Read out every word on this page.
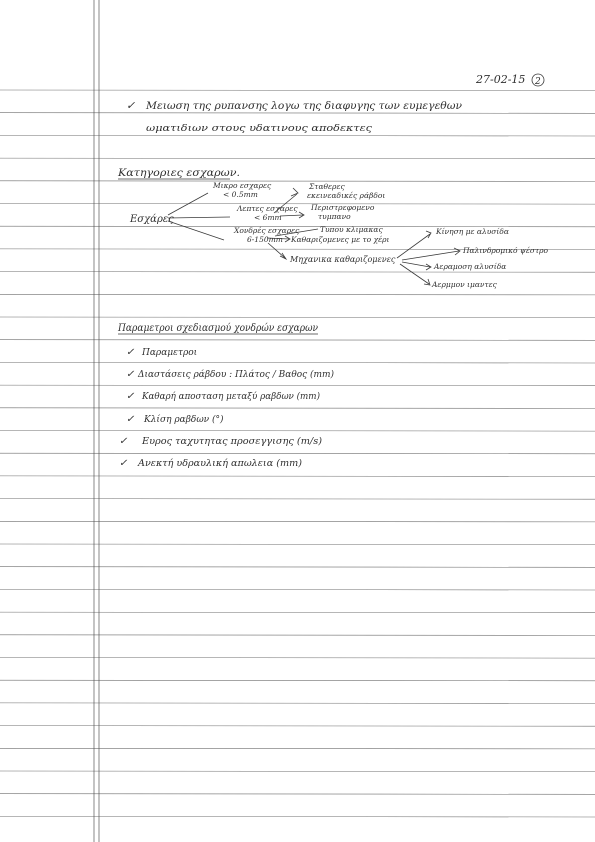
27-02-15 2
✓ Μειωση της ρυπανσης λογω της διαφυγης των ευμεγεθων
ωματιδιων στους υδατινους αποδεκτες
Κατηγοριες εσχαρων.
Εσχάρες
Μικρο εσχαρες
< 0.5mm
Λεπτες εσχαρες
< 6mm
Χονδρές εσχαρες
6-150mm
Σταθερες
εκεινεαδικές ράβδοι
Περιστρεφομενο
τυμπανο
Τυπου κλιμακας
Καθαριζομενες με το χέρι
Μηχανικα καθαριζομενες
Κίνηση με αλυσίδα
Παλινδρομικό ψέστρο
Αεραμοση αλυσίδα
Αερμμον ιμαντες
Παραμετροι σχεδιασμού χονδρών εσχαρων
✓ Παραμετροι
✓ Διαστάσεις ράβδου : Πλάτος / Βαθος (mm)
✓ Καθαρή αποσταση μεταξύ ραβδων (mm)
✓ Κλίση ραβδων (°)
✓ Ευρος ταχυτητας προσεγγισης (m/s)
✓ Ανεκτή υδραυλική απωλεια (mm)
